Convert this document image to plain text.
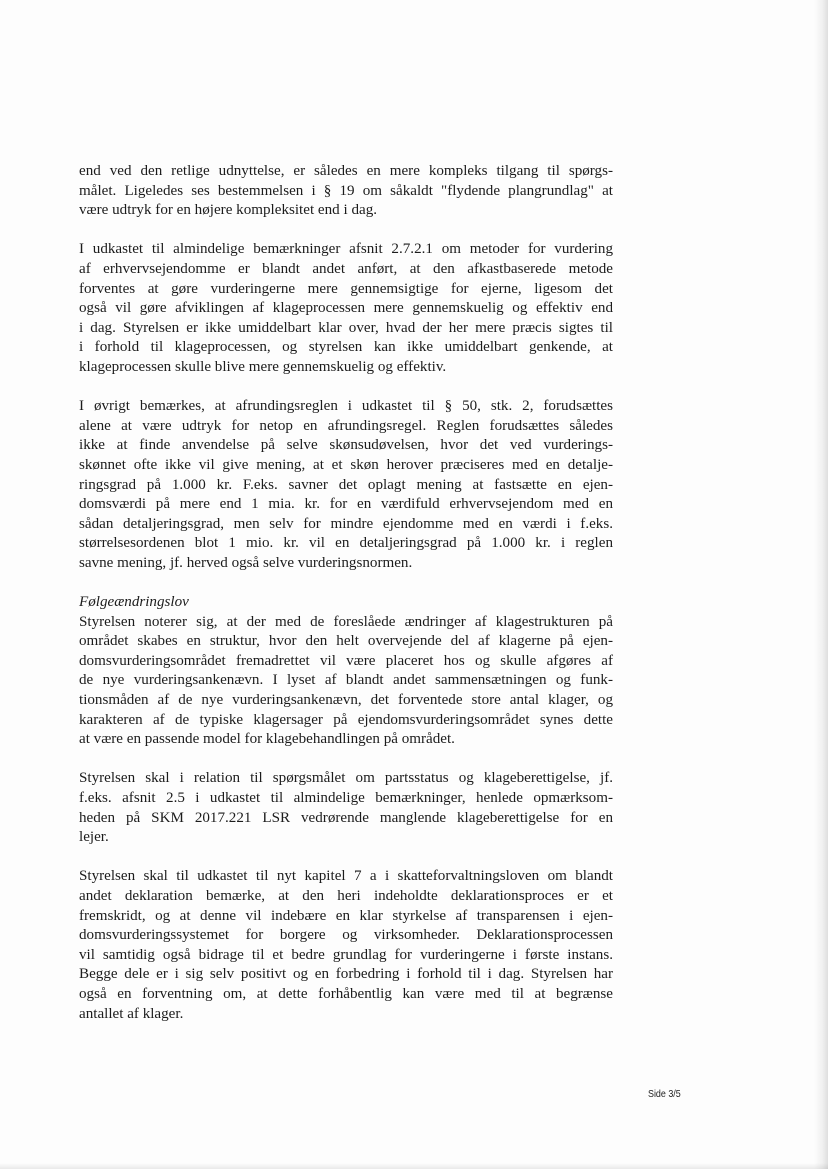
end ved den retlige udnyttelse, er således en mere kompleks tilgang til spørgs-
målet. Ligeledes ses bestemmelsen i § 19 om såkaldt "flydende plangrundlag" at
være udtryk for en højere kompleksitet end i dag.
I udkastet til almindelige bemærkninger afsnit 2.7.2.1 om metoder for vurdering
af erhvervsejendomme er blandt andet anført, at den afkastbaserede metode
forventes at gøre vurderingerne mere gennemsigtige for ejerne, ligesom det
også vil gøre afviklingen af klageprocessen mere gennemskuelig og effektiv end
i dag. Styrelsen er ikke umiddelbart klar over, hvad der her mere præcis sigtes til
i forhold til klageprocessen, og styrelsen kan ikke umiddelbart genkende, at
klageprocessen skulle blive mere gennemskuelig og effektiv.
I øvrigt bemærkes, at afrundingsreglen i udkastet til § 50, stk. 2, forudsættes
alene at være udtryk for netop en afrundingsregel. Reglen forudsættes således
ikke at finde anvendelse på selve skønsudøvelsen, hvor det ved vurderings-
skønnet ofte ikke vil give mening, at et skøn herover præciseres med en detalje-
ringsgrad på 1.000 kr. F.eks. savner det oplagt mening at fastsætte en ejen-
domsværdi på mere end 1 mia. kr. for en værdifuld erhvervsejendom med en
sådan detaljeringsgrad, men selv for mindre ejendomme med en værdi i f.eks.
størrelsesordenen blot 1 mio. kr. vil en detaljeringsgrad på 1.000 kr. i reglen
savne mening, jf. herved også selve vurderingsnormen.
Følgeændringslov
Styrelsen noterer sig, at der med de foreslåede ændringer af klagestrukturen på
området skabes en struktur, hvor den helt overvejende del af klagerne på ejen-
domsvurderingsområdet fremadrettet vil være placeret hos og skulle afgøres af
de nye vurderingsankenævn. I lyset af blandt andet sammensætningen og funk-
tionsmåden af de nye vurderingsankenævn, det forventede store antal klager, og
karakteren af de typiske klagersager på ejendomsvurderingsområdet synes dette
at være en passende model for klagebehandlingen på området.
Styrelsen skal i relation til spørgsmålet om partsstatus og klageberettigelse, jf.
f.eks. afsnit 2.5 i udkastet til almindelige bemærkninger, henlede opmærksom-
heden på SKM 2017.221 LSR vedrørende manglende klageberettigelse for en
lejer.
Styrelsen skal til udkastet til nyt kapitel 7 a i skatteforvaltningsloven om blandt
andet deklaration bemærke, at den heri indeholdte deklarationsproces er et
fremskridt, og at denne vil indebære en klar styrkelse af transparensen i ejen-
domsvurderingssystemet for borgere og virksomheder. Deklarationsprocessen
vil samtidig også bidrage til et bedre grundlag for vurderingerne i første instans.
Begge dele er i sig selv positivt og en forbedring i forhold til i dag. Styrelsen har
også en forventning om, at dette forhåbentlig kan være med til at begrænse
antallet af klager.
Side 3/5
